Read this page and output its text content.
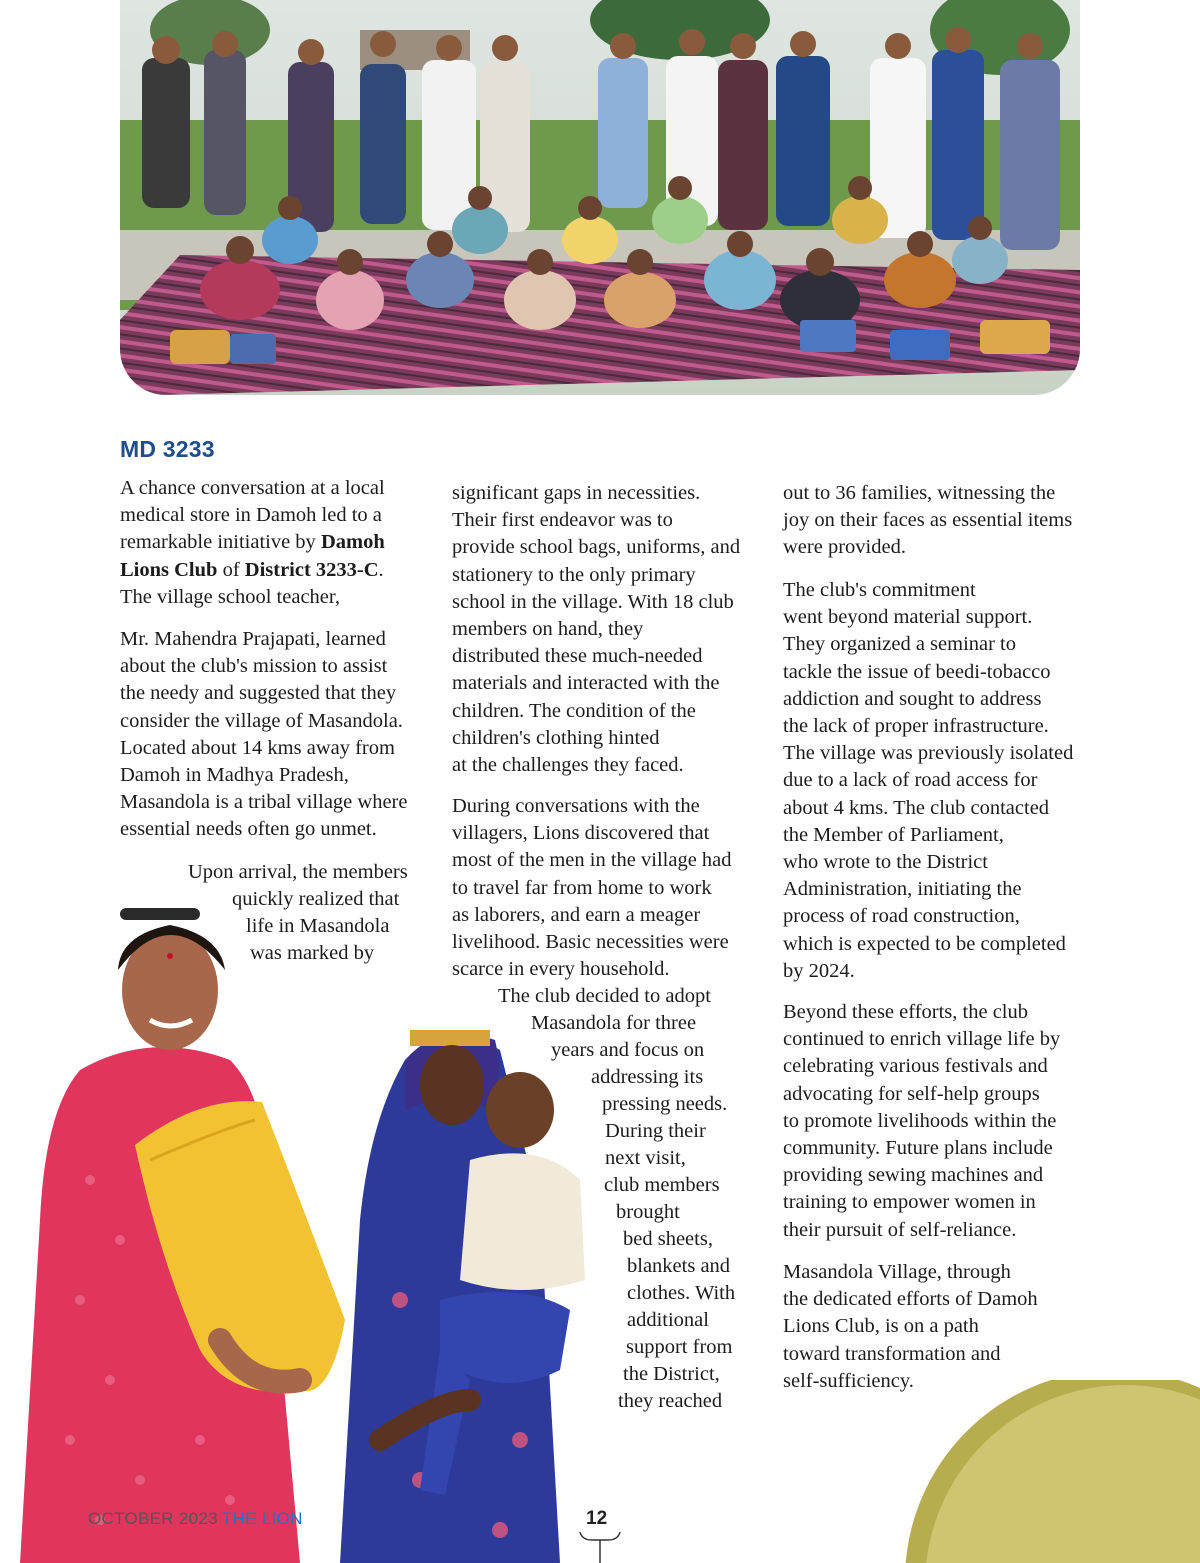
MD 3233

A chance conversation at a local
medical store in Damoh led to a
remarkable initiative by Damoh
Lions Club of District 3233-C.
The village school teacher,

Mr. Mahendra Prajapati, learned
about the club's mission to assist
the needy and suggested that they
consider the village of Masandola.
Located about 14 kms away from
Damoh in Madhya Pradesh,
Masandola is a tribal village where
essential needs often go unmet.

Upon arrival, the members
quickly realized that
life in Masandola
was marked by

significant gaps in necessities.
Their first endeavor was to
provide school bags, uniforms, and
stationery to the only primary
school in the village. With 18 club
members on hand, they
distributed these much-needed
materials and interacted with the
children. The condition of the
children's clothing hinted
at the challenges they faced.

During conversations with the
villagers, Lions discovered that
most of the men in the village had
to travel far from home to work
as laborers, and earn a meager
livelihood. Basic necessities were
scarce in every household.

The club decided to adopt
Masandola for three
years and focus on
addressing its
pressing needs.
During their
next visit,
club members
brought
bed sheets,
blankets and
clothes. With
additional
support from
the District,
they reached

out to 36 families, witnessing the
joy on their faces as essential items
were provided.

The club's commitment
went beyond material support.
They organized a seminar to
tackle the issue of beedi-tobacco
addiction and sought to address
the lack of proper infrastructure.
The village was previously isolated
due to a lack of road access for
about 4 kms. The club contacted
the Member of Parliament,
who wrote to the District
Administration, initiating the
process of road construction,
which is expected to be completed
by 2024.

Beyond these efforts, the club
continued to enrich village life by
celebrating various festivals and
advocating for self-help groups
to promote livelihoods within the
community. Future plans include
providing sewing machines and
training to empower women in
their pursuit of self-reliance.

Masandola Village, through
the dedicated efforts of Damoh
Lions Club, is on a path
toward transformation and
self-sufficiency.

OCTOBER 2023 THE LION	12
